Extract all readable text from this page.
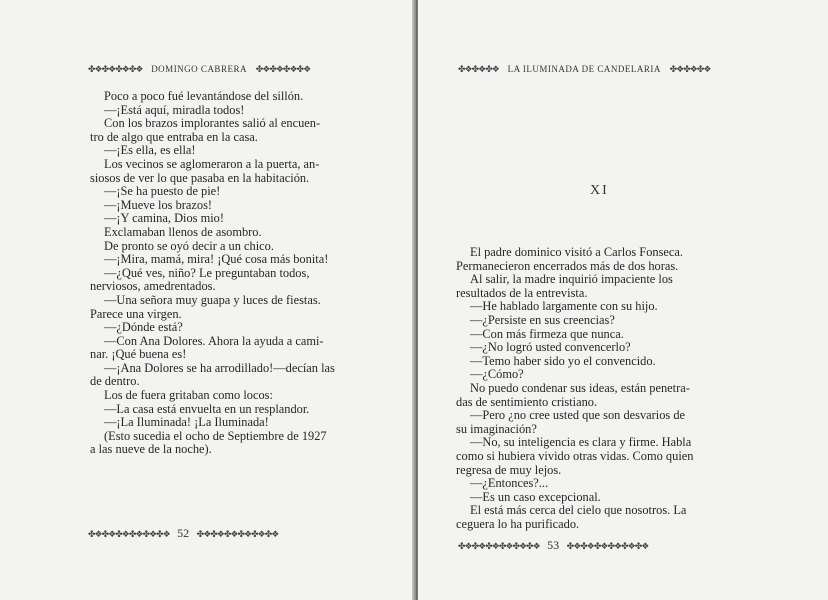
✤❖✤❖✤❖✤❖ DOMINGO CABRERA ✤❖✤❖✤❖✤❖

Poco a poco fué levantándose del sillón.

—¡Está aquí, miradla todos!

Con los brazos implorantes salió al encuen-

tro de algo que entraba en la casa.

—¡Es ella, es ella!

Los vecinos se aglomeraron a la puerta, an-

siosos de ver lo que pasaba en la habitación.

—¡Se ha puesto de pie!

—¡Mueve los brazos!

—¡Y camina, Dios mio!

Exclamaban llenos de asombro.

De pronto se oyó decir a un chico.

—¡Mira, mamá, mira! ¡Qué cosa más bonita!

—¿Qué ves, niño? Le preguntaban todos,

nerviosos, amedrentados.

—Una señora muy guapa y luces de fiestas.

Parece una virgen.

—¿Dónde está?

—Con Ana Dolores. Ahora la ayuda a cami-

nar. ¡Qué buena es!

—¡Ana Dolores se ha arrodillado!—decían las

de dentro.

Los de fuera gritaban como locos:

—La casa está envuelta en un resplandor.

—¡La Iluminada! ¡La Iluminada!

(Esto sucedia el ocho de Septiembre de 1927

a las nueve de la noche).

✤❖✤❖✤❖✤❖✤❖✤❖ 52 ✤❖✤❖✤❖✤❖✤❖✤❖
✤❖✤❖✤❖ LA ILUMINADA DE CANDELARIA ✤❖✤❖✤❖
XI

El padre dominico visitó a Carlos Fonseca.

Permanecieron encerrados más de dos horas.

Al salir, la madre inquirió impaciente los

resultados de la entrevista.

—He hablado largamente con su hijo.

—¿Persiste en sus creencias?

—Con más firmeza que nunca.

—¿No logró usted convencerlo?

—Temo haber sido yo el convencido.

—¿Cómo?

No puedo condenar sus ideas, están penetra-

das de sentimiento cristiano.

—Pero ¿no cree usted que son desvarios de

su imaginación?

—No, su inteligencia es clara y firme. Habla

como si hubiera vivido otras vidas. Como quien

regresa de muy lejos.

—¿Entonces?...

—Es un caso excepcional.

El está más cerca del cielo que nosotros. La

ceguera lo ha purificado.

✤❖✤❖✤❖✤❖✤❖✤❖ 53 ✤❖✤❖✤❖✤❖✤❖✤❖
